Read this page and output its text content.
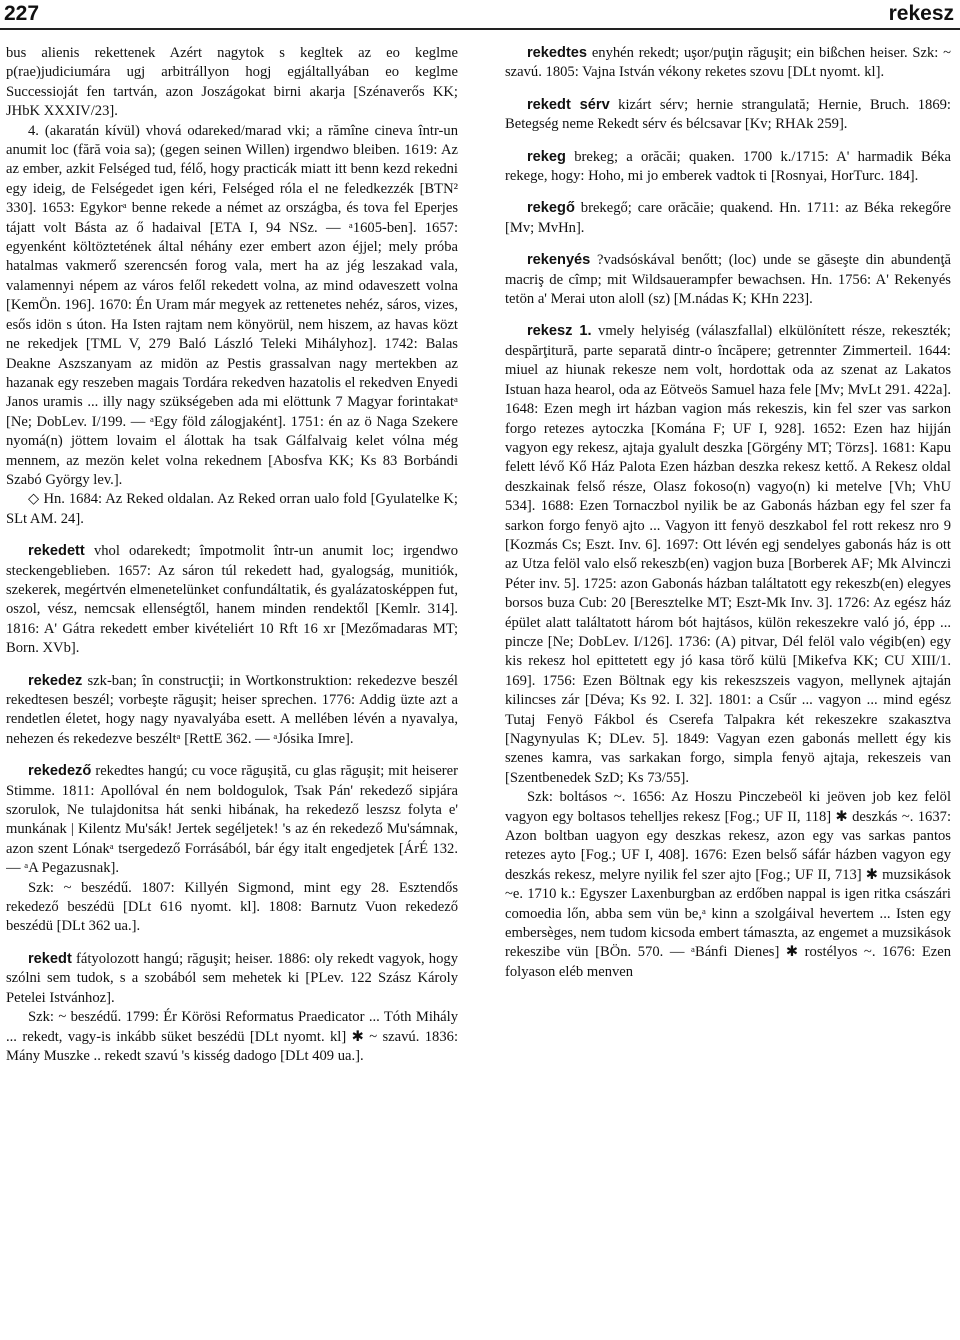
227	rekesz

bus alienis rekettenek Azért nagytok s kegltek az eo keglme p(rae)judiciumára ugj arbitrállyon hogj egjáltallyában eo keglme Successioját fen tartván, azon Joszágokat birni akarja [Szénaverős KK; JHbK XXXIV/23].

4. (akaratán kívül) vhová odareked/marad vki; a rămîne cineva într-un anumit loc (fără voia sa); (gegen seinen Willen) irgendwo bleiben. 1619: Az az ember, azkit Felséged tud, félő, hogy practicák miatt itt benn kezd rekedni egy ideig, de Felségedet igen kéri, Felséged róla el ne feledkezzék [BTN² 330]. 1653: Egykorᵃ benne rekede a német az országba, és tova fel Eperjes tájatt volt Básta az ő hadaival [ETA I, 94 NSz. — ᵃ1605-ben]. 1657: egyenként költöztetének által néhány ezer embert azon éjjel; mely próba hatalmas vakmerő szerencsén forog vala, mert ha az jég leszakad vala, valamennyi népem az város felől rekedett volna, az mind odaveszett volna [KemÖn. 196]. 1670: Én Uram már megyek az rettenetes nehéz, sáros, vizes, esős idön s úton. Ha Isten rajtam nem könyörül, nem hiszem, az havas közt ne rekedjek [TML V, 279 Baló László Teleki Mihályhoz]. 1742: Balas Deakne Aszszanyam az midön az Pestis grassalvan nagy mertekben az hazanak egy reszeben magais Tordára rekedven hazatolis el rekedven Enyedi Janos uramis ... illy nagy szükségeben ada mi elöttunk 7 Magyar forintakatᵃ [Ne; DobLev. I/199. — ᵃEgy föld zálogjaként]. 1751: én az ö Naga Szekere nyomá(n) jöttem lovaim el álottak ha tsak Gálfalvaig kelet vólna még mennem, az mezön kelet volna rekednem [Abosfva KK; Ks 83 Borbándi Szabó György lev.].

◇ Hn. 1684: Az Reked oldalan. Az Reked orran ualo fold [Gyulatelke K; SLt AM. 24].

rekedett vhol odarekedt; împotmolit într-un anumit loc; irgendwo steckengeblieben. 1657: Az sáron túl rekedett had, gyalogság, munitiók, szekerek, megértvén elmenetelünket confundáltatik, és gyalázatosképpen fut, oszol, vész, nemcsak ellenségtől, hanem minden rendektől [Kemlr. 314]. 1816: A' Gátra rekedett ember kivételiért 10 Rft 16 xr [Mezőmadaras MT; Born. XVb].

rekedez szk-ban; în construcţii; in Wortkonstruktion: rekedezve beszél rekedtesen beszél; vorbeşte răguşit; heiser sprechen. 1776: Addig üzte azt a rendetlen életet, hogy nagy nyavalyába esett. A mellében lévén a nyavalya, nehezen és rekedezve beszéltᵃ [RettE 362. — ᵃJósika Imre].

rekedező rekedtes hangú; cu voce răguşită, cu glas răguşit; mit heiserer Stimme. 1811: Apollóval én nem boldogulok, Tsak Pán' rekedező sipjára szorulok, Ne tulajdonitsa hát senki hibának, ha rekedező leszsz folyta e' munkának | Kilentz Mu'sák! Jertek segéljetek! 's az én rekedező Mu'sámnak, azon szent Lónakᵃ tsergedező Forrásából, bár égy italt engedjetek [ÁrÉ 132. — ᵃA Pegazusnak].

Szk: ~ beszédű. 1807: Killyén Sigmond, mint egy 28. Esztendős rekedező beszédü [DLt 616 nyomt. kl]. 1808: Barnutz Vuon rekedező beszédü [DLt 362 ua.].

rekedt fátyolozott hangú; răguşit; heiser. 1886: oly rekedt vagyok, hogy szólni sem tudok, s a szobából sem mehetek ki [PLev. 122 Szász Károly Petelei Istvánhoz].

Szk: ~ beszédű. 1799: Ér Körösi Reformatus Praedicator ... Tóth Mihály ... rekedt, vagy-is inkább süket beszédü [DLt nyomt. kl] ✱ ~ szavú. 1836: Mány Muszke .. rekedt szavú 's kisség dadogo [DLt 409 ua.].

rekedtes enyhén rekedt; uşor/puţin răguşit; ein bißchen heiser. Szk: ~ szavú. 1805: Vajna István vékony reketes szovu [DLt nyomt. kl].

rekedt sérv kizárt sérv; hernie strangulată; Hernie, Bruch. 1869: Betegség neme Rekedt sérv és bélcsavar [Kv; RHAk 259].

rekeg brekeg; a orăcăi; quaken. 1700 k./1715: A' harmadik Béka rekege, hogy: Hoho, mi jo emberek vadtok ti [Rosnyai, HorTurc. 184].

rekegő brekegő; care orăcăie; quakend. Hn. 1711: az Béka rekegőre [Mv; MvHn].

rekenyés ?vadsóskával benőtt; (loc) unde se găseşte din abundenţă macriş de cîmp; mit Wildsauerampfer bewachsen. Hn. 1756: A' Rekenyés tetön a' Merai uton aloll (sz) [M.nádas K; KHn 223].

rekesz 1. vmely helyiség (válaszfallal) elkülönített része, rekeszték; despărţitură, parte separată dintr-o încăpere; getrennter Zimmerteil. 1644: miuel az hiunak rekesze nem volt, hordottak oda az szenat az Lakatos Istuan haza hearol, oda az Eötveös Samuel haza fele [Mv; MvLt 291. 422a]. 1648: Ezen megh irt házban vagion más rekeszis, kin fel szer vas sarkon forgo retezes aytoczka [Komána F; UF I, 928]. 1652: Ezen haz hijján vagyon egy rekesz, ajtaja gyalult deszka [Görgény MT; Törzs]. 1681: Kapu felett lévő Kő Ház Palota Ezen házban deszka rekesz kettő. A Rekesz oldal deszkainak felső része, Olasz fokoso(n) vagyo(n) ki metelve [Vh; VhU 534]. 1688: Ezen Tornaczbol nyilik be az Gabonás házban egy fel szer fa sarkon forgo fenyö ajto ... Vagyon itt fenyö deszkabol fel rott rekesz nro 9 [Kozmás Cs; Eszt. Inv. 6]. 1697: Ott lévén egj sendelyes gabonás ház is ott az Utza felöl valo első rekeszb(en) vagjon buza [Borberek AF; Mk Alvinczi Péter inv. 5]. 1725: azon Gabonás házban találtatott egy rekeszb(en) elegyes borsos buza Cub: 20 [Beresztelke MT; Eszt-Mk Inv. 3]. 1726: Az egész ház épület alatt találtatott három bót hajtásos, külön rekeszekre való jó, épp ... pincze [Ne; DobLev. I/126]. 1736: (A) pitvar, Dél felöl valo végib(en) egy kis rekesz hol epittetett egy jó kasa törő külü [Mikefva KK; CU XIII/1. 169]. 1756: Ezen Böltnak egy kis rekeszszeis vagyon, mellynek ajtaján kilincses zár [Déva; Ks 92. I. 32]. 1801: a Csűr ... vagyon ... mind egész Tutaj Fenyö Fákbol és Cserefa Talpakra két rekeszekre szakasztva [Nagynyulas K; DLev. 5]. 1849: Vagyan ezen gabonás mellett égy kis szenes kamra, vas sarkakan forgo, simpla fenyö ajtaja, rekeszeis van [Szentbenedek SzD; Ks 73/55].

Szk: boltásos ~. 1656: Az Hoszu Pinczebeöl ki jeöven job kez felöl vagyon egy boltasos tehelljes rekesz [Fog.; UF II, 118] ✱ deszkás ~. 1637: Azon boltban uagyon egy deszkas rekesz, azon egy vas sarkas pantos retezes ayto [Fog.; UF I, 408]. 1676: Ezen belső sáfár házben vagyon egy deszkás rekesz, melyre nyilik fel szer ajto [Fog.; UF II, 713] ✱ muzsikások ~e. 1710 k.: Egyszer Laxenburgban az erdőben nappal is igen ritka császári comoedia lőn, abba sem vün be,ᵃ kinn a szolgáival hevertem ... Isten egy embersèges, nem tudom kicsoda embert támaszta, az engemet a muzsikások rekeszibe vün [BÖn. 570. — ᵃBánfi Dienes] ✱ rostélyos ~. 1676: Ezen folyason eléb menven
